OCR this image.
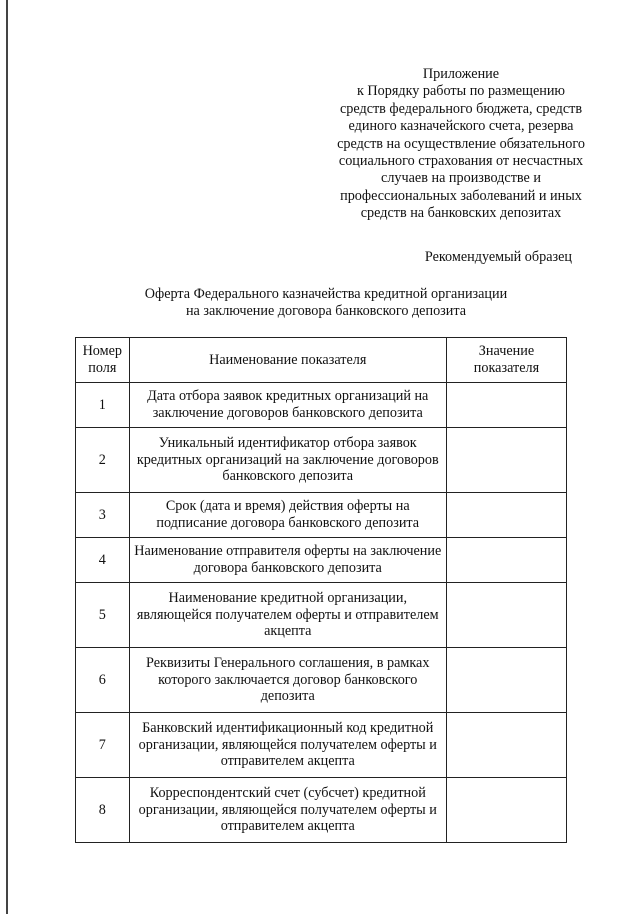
Приложение
к Порядку работы по размещению
средств федерального бюджета, средств
единого казначейского счета, резерва
средств на осуществление обязательного
социального страхования от несчастных
случаев на производстве и
профессиональных заболеваний и иных
средств на банковских депозитах
Рекомендуемый образец
Оферта Федерального казначейства кредитной организации
на заключение договора банковского депозита
Номер поля	Наименование показателя	Значение показателя
1	Дата отбора заявок кредитных организаций на заключение договоров банковского депозита	
2	Уникальный идентификатор отбора заявок кредитных организаций на заключение договоров банковского депозита	
3	Срок (дата и время) действия оферты на подписание договора банковского депозита	
4	Наименование отправителя оферты на заключение договора банковского депозита	
5	Наименование кредитной организации, являющейся получателем оферты и отправителем акцепта	
6	Реквизиты Генерального соглашения, в рамках которого заключается договор банковского депозита	
7	Банковский идентификационный код кредитной организации, являющейся получателем оферты и отправителем акцепта	
8	Корреспондентский счет (субсчет) кредитной организации, являющейся получателем оферты и отправителем акцепта	
